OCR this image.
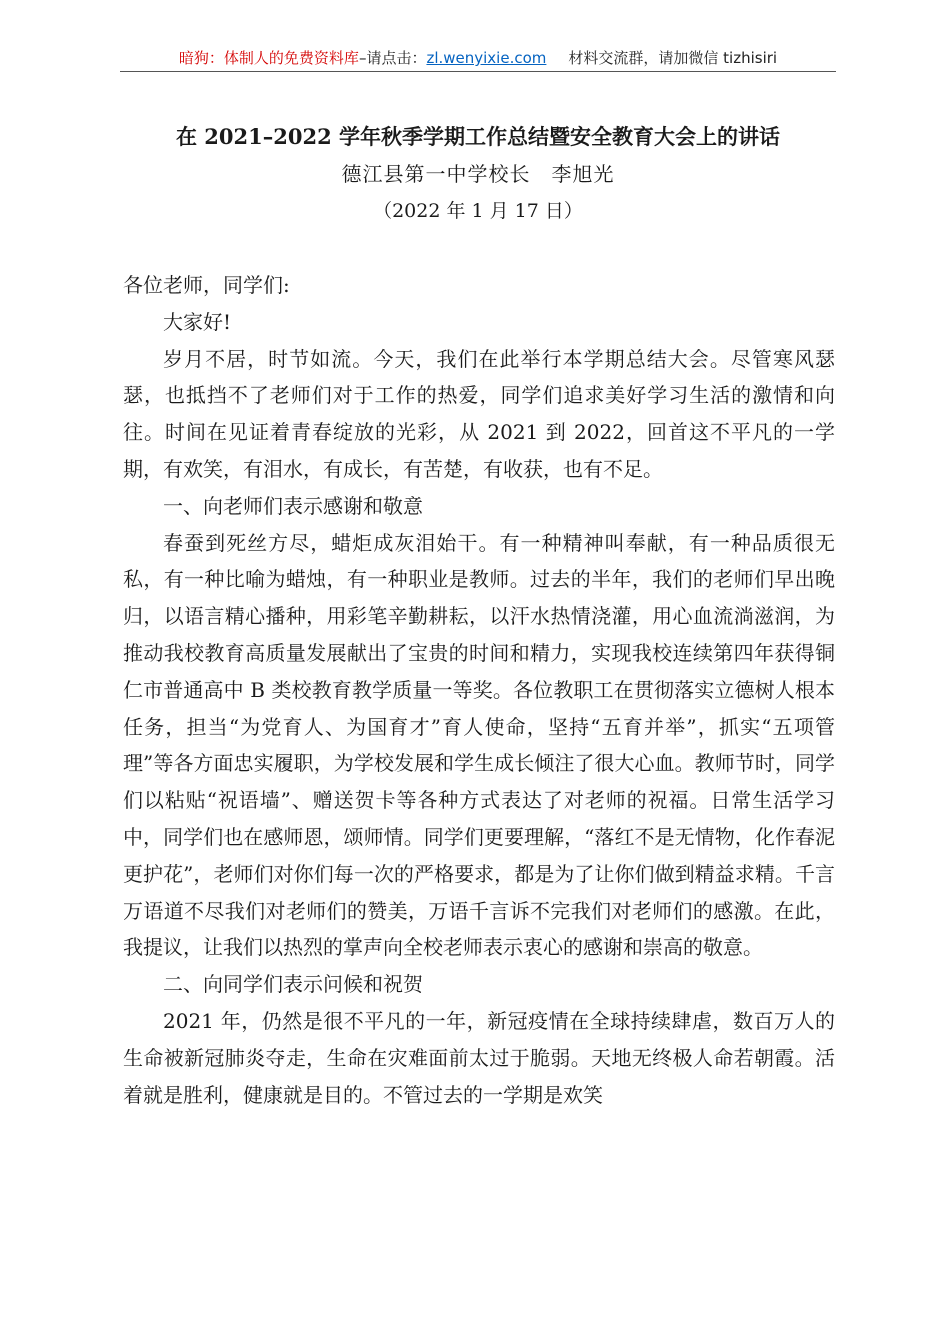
暗狗：体制人的免费资料库–请点击：zl.wenyixie.com 材料交流群，请加微信 tizhisiri
在 2021–2022 学年秋季学期工作总结暨安全教育大会上的讲话
德江县第一中学校长　李旭光
（2022 年 1 月 17 日）

各位老师，同学们:

大家好!

岁月不居，时节如流。今天，我们在此举行本学期总结大会。尽管寒风瑟瑟，也抵挡不了老师们对于工作的热爱，同学们追求美好学习生活的激情和向往。时间在见证着青春绽放的光彩，从 2021 到 2022，回首这不平凡的一学期，有欢笑，有泪水，有成长，有苦楚，有收获，也有不足。

一、向老师们表示感谢和敬意

春蚕到死丝方尽，蜡炬成灰泪始干。有一种精神叫奉献，有一种品质很无私，有一种比喻为蜡烛，有一种职业是教师。过去的半年，我们的老师们早出晚归，以语言精心播种，用彩笔辛勤耕耘，以汗水热情浇灌，用心血流淌滋润，为推动我校教育高质量发展献出了宝贵的时间和精力，实现我校连续第四年获得铜仁市普通高中 B 类校教育教学质量一等奖。各位教职工在贯彻落实立德树人根本任务，担当“为党育人、为国育才”育人使命，坚持“五育并举”，抓实“五项管理”等各方面忠实履职，为学校发展和学生成长倾注了很大心血。教师节时，同学们以粘贴“祝语墙”、赠送贺卡等各种方式表达了对老师的祝福。日常生活学习中，同学们也在感师恩，颂师情。同学们更要理解，“落红不是无情物，化作春泥更护花”，老师们对你们每一次的严格要求，都是为了让你们做到精益求精。千言万语道不尽我们对老师们的赞美，万语千言诉不完我们对老师们的感激。在此，我提议，让我们以热烈的掌声向全校老师表示衷心的感谢和崇高的敬意。

二、向同学们表示问候和祝贺

2021 年，仍然是很不平凡的一年，新冠疫情在全球持续肆虐，数百万人的生命被新冠肺炎夺走，生命在灾难面前太过于脆弱。天地无终极人命若朝霞。活着就是胜利，健康就是目的。不管过去的一学期是欢笑
